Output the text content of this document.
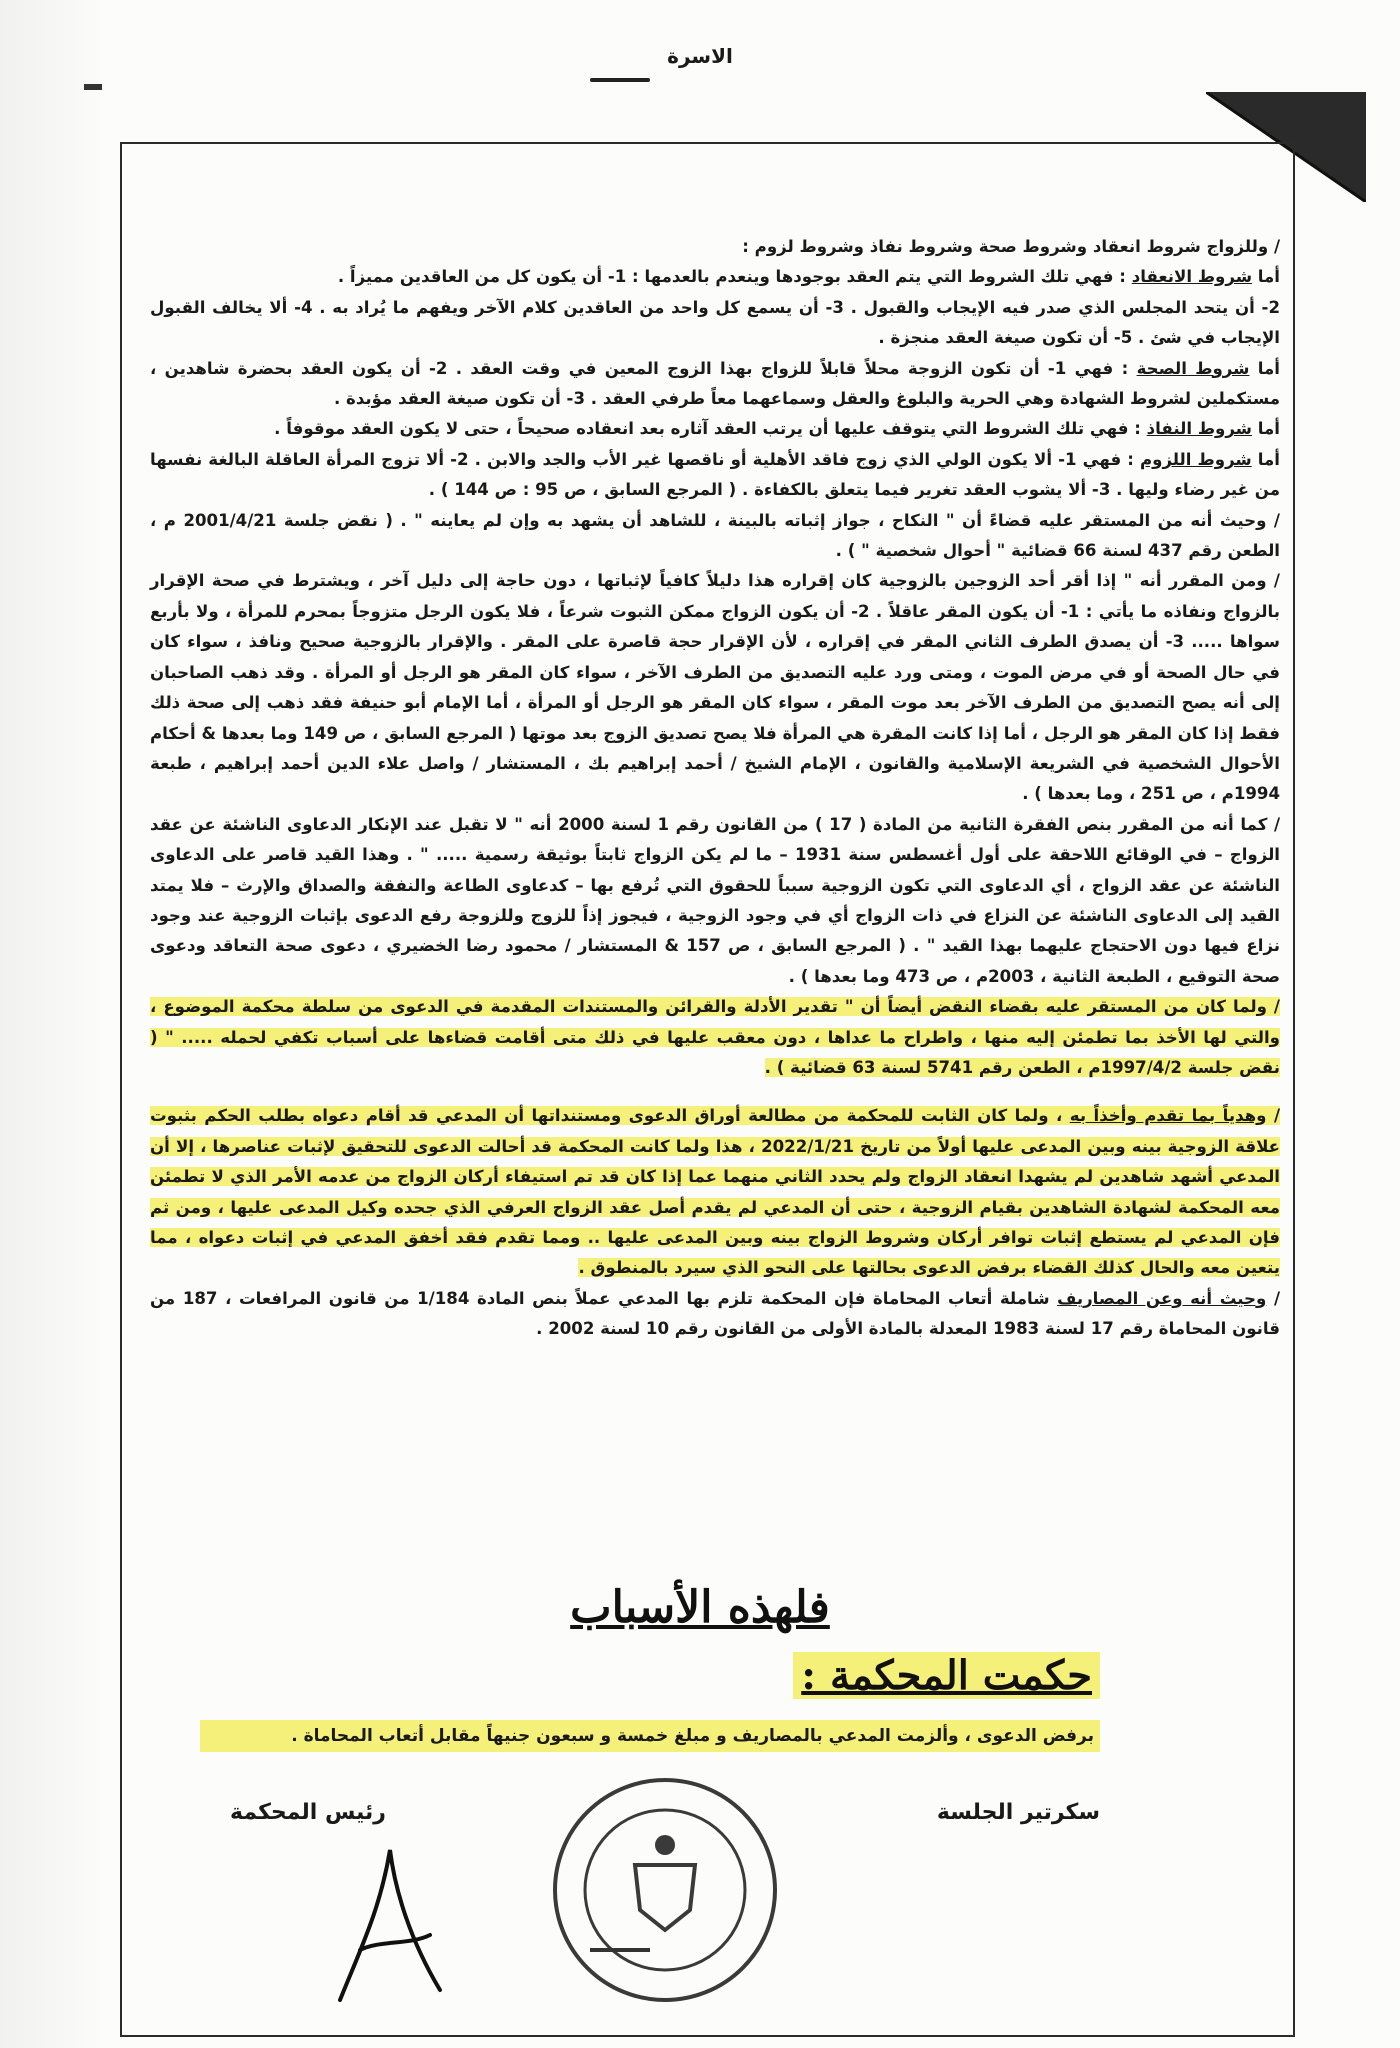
الاسرة

/ وللزواج شروط انعقاد وشروط صحة وشروط نفاذ وشروط لزوم :

أما شروط الانعقاد : فهي تلك الشروط التي يتم العقد بوجودها وينعدم بالعدمها : 1- أن يكون كل من العاقدين مميزاً .

2- أن يتحد المجلس الذي صدر فيه الإيجاب والقبول . 3- أن يسمع كل واحد من العاقدين كلام الآخر ويفهم ما يُراد به . 4- ألا يخالف القبول الإيجاب في شئ . 5- أن تكون صيغة العقد منجزة .

أما شروط الصحة : فهي 1- أن تكون الزوجة محلاً قابلاً للزواج بهذا الزوج المعين في وقت العقد . 2- أن يكون العقد بحضرة شاهدين ، مستكملين لشروط الشهادة وهي الحرية والبلوغ والعقل وسماعهما معاً طرفي العقد . 3- أن تكون صيغة العقد مؤبدة .

أما شروط النفاذ : فهي تلك الشروط التي يتوقف عليها أن يرتب العقد آثاره بعد انعقاده صحيحاً ، حتى لا يكون العقد موقوفاً .

أما شروط اللزوم : فهي 1- ألا يكون الولي الذي زوج فاقد الأهلية أو ناقصها غير الأب والجد والابن . 2- ألا تزوج المرأة العاقلة البالغة نفسها من غير رضاء وليها . 3- ألا يشوب العقد تغرير فيما يتعلق بالكفاءة . ( المرجع السابق ، ص 95 : ص 144 ) .

/ وحيث أنه من المستقر عليه قضاءً أن " النكاح ، جواز إثباته بالبينة ، للشاهد أن يشهد به وإن لم يعاينه " . ( نقض جلسة 2001/4/21 م ، الطعن رقم 437 لسنة 66 قضائية " أحوال شخصية " ) .

/ ومن المقرر أنه " إذا أقر أحد الزوجين بالزوجية كان إقراره هذا دليلاً كافياً لإثباتها ، دون حاجة إلى دليل آخر ، ويشترط في صحة الإقرار بالزواج ونفاذه ما يأتي : 1- أن يكون المقر عاقلاً . 2- أن يكون الزواج ممكن الثبوت شرعاً ، فلا يكون الرجل متزوجاً بمحرم للمرأة ، ولا بأربع سواها ..... 3- أن يصدق الطرف الثاني المقر في إقراره ، لأن الإقرار حجة قاصرة على المقر . والإقرار بالزوجية صحيح ونافذ ، سواء كان في حال الصحة أو في مرض الموت ، ومتى ورد عليه التصديق من الطرف الآخر ، سواء كان المقر هو الرجل أو المرأة . وقد ذهب الصاحبان إلى أنه يصح التصديق من الطرف الآخر بعد موت المقر ، سواء كان المقر هو الرجل أو المرأة ، أما الإمام أبو حنيفة فقد ذهب إلى صحة ذلك فقط إذا كان المقر هو الرجل ، أما إذا كانت المقرة هي المرأة فلا يصح تصديق الزوج بعد موتها ( المرجع السابق ، ص 149 وما بعدها & أحكام الأحوال الشخصية في الشريعة الإسلامية والقانون ، الإمام الشيخ / أحمد إبراهيم بك ، المستشار / واصل علاء الدين أحمد إبراهيم ، طبعة 1994م ، ص 251 ، وما بعدها ) .

/ كما أنه من المقرر بنص الفقرة الثانية من المادة ( 17 ) من القانون رقم 1 لسنة 2000 أنه " لا تقبل عند الإنكار الدعاوى الناشئة عن عقد الزواج – في الوقائع اللاحقة على أول أغسطس سنة 1931 – ما لم يكن الزواج ثابتاً بوثيقة رسمية ..... " . وهذا القيد قاصر على الدعاوى الناشئة عن عقد الزواج ، أي الدعاوى التي تكون الزوجية سبباً للحقوق التي تُرفع بها – كدعاوى الطاعة والنفقة والصداق والإرث – فلا يمتد القيد إلى الدعاوى الناشئة عن النزاع في ذات الزواج أي في وجود الزوجية ، فيجوز إذاً للزوج وللزوجة رفع الدعوى بإثبات الزوجية عند وجود نزاع فيها دون الاحتجاج عليهما بهذا القيد " . ( المرجع السابق ، ص 157 & المستشار / محمود رضا الخضيري ، دعوى صحة التعاقد ودعوى صحة التوقيع ، الطبعة الثانية ، 2003م ، ص 473 وما بعدها ) .

/ ولما كان من المستقر عليه بقضاء النقض أيضاً أن " تقدير الأدلة والقرائن والمستندات المقدمة في الدعوى من سلطة محكمة الموضوع ، والتي لها الأخذ بما تطمئن إليه منها ، واطراح ما عداها ، دون معقب عليها في ذلك متى أقامت قضاءها على أسباب تكفي لحمله ..... " ( نقض جلسة 1997/4/2م ، الطعن رقم 5741 لسنة 63 قضائية ) .

/ وهدياً بما تقدم وأخذاً به ، ولما كان الثابت للمحكمة من مطالعة أوراق الدعوى ومستنداتها أن المدعي قد أقام دعواه بطلب الحكم بثبوت علاقة الزوجية بينه وبين المدعى عليها أولاً من تاريخ 2022/1/21 ، هذا ولما كانت المحكمة قد أحالت الدعوى للتحقيق لإثبات عناصرها ، إلا أن المدعي أشهد شاهدين لم يشهدا انعقاد الزواج ولم يحدد الثاني منهما عما إذا كان قد تم استيفاء أركان الزواج من عدمه الأمر الذي لا تطمئن معه المحكمة لشهادة الشاهدين بقيام الزوجية ، حتى أن المدعي لم يقدم أصل عقد الزواج العرفي الذي جحده وكيل المدعى عليها ، ومن ثم فإن المدعي لم يستطع إثبات توافر أركان وشروط الزواج بينه وبين المدعى عليها .. ومما تقدم فقد أخفق المدعي في إثبات دعواه ، مما يتعين معه والحال كذلك القضاء برفض الدعوى بحالتها على النحو الذي سيرد بالمنطوق .

/ وحيث أنه وعن المصاريف شاملة أتعاب المحاماة فإن المحكمة تلزم بها المدعي عملاً بنص المادة 1/184 من قانون المرافعات ، 187 من قانون المحاماة رقم 17 لسنة 1983 المعدلة بالمادة الأولى من القانون رقم 10 لسنة 2002 .

فلهذه الأسباب
حكمت المحكمة :
برفض الدعوى ، وألزمت المدعي بالمصاريف و مبلغ خمسة و سبعون جنيهاً مقابل أتعاب المحاماة .
سكرتير الجلسة
رئيس المحكمة
